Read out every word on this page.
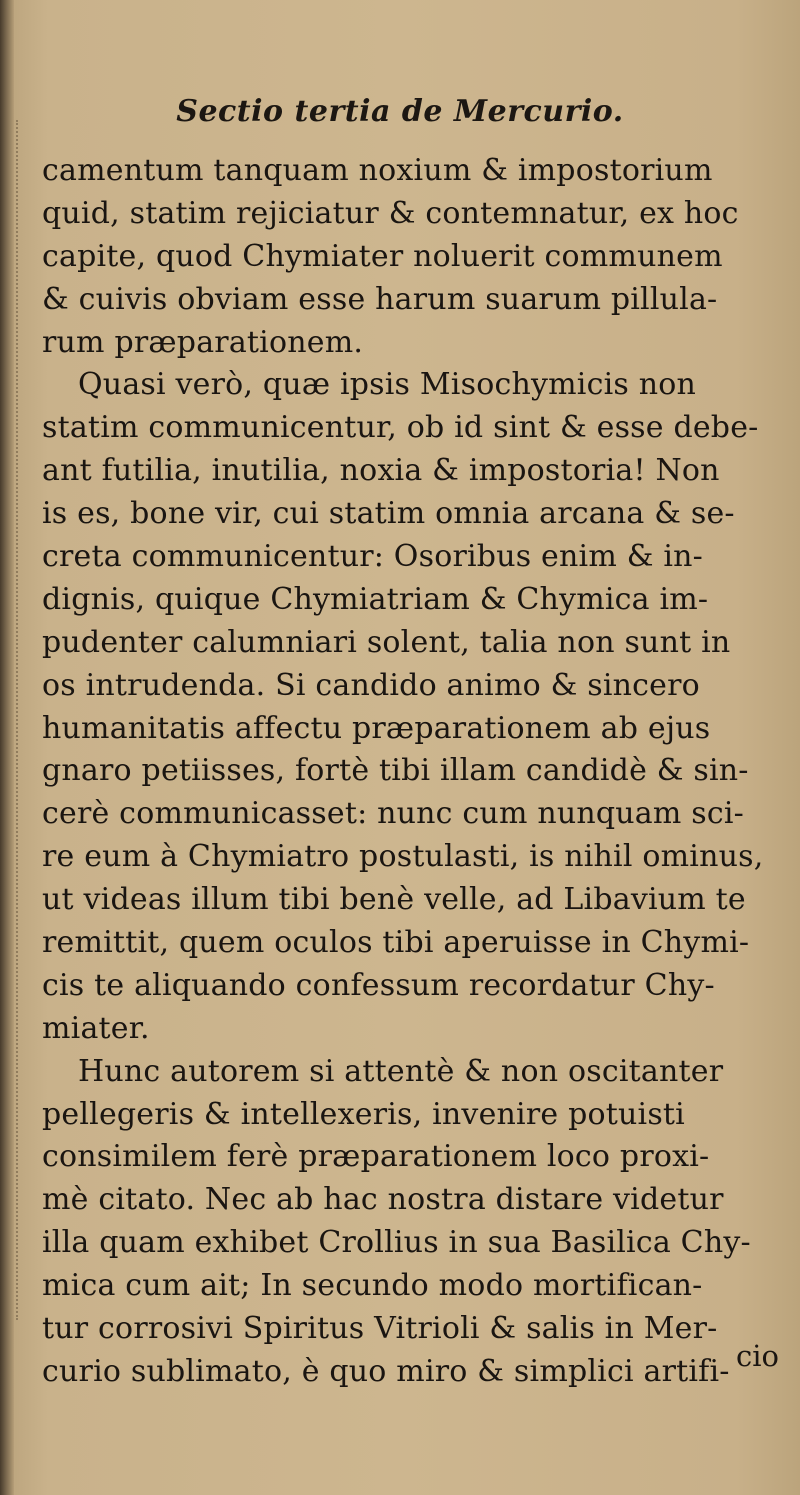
Sectio tertia de Mercurio.
camentum tanquam noxium & impostorium
quid, statim rejiciatur & contemnatur, ex hoc
capite, quod Chymiater noluerit communem
& cuivis obviam esse harum suarum pillula-
rum præparationem.
Quasi verò, quæ ipsis Misochymicis non
statim communicentur, ob id sint & esse debe-
ant futilia, inutilia, noxia & impostoria! Non
is es, bone vir, cui statim omnia arcana & se-
creta communicentur: Osoribus enim & in-
dignis, quique Chymiatriam & Chymica im-
pudenter calumniari solent, talia non sunt in
os intrudenda. Si candido animo & sincero
humanitatis affectu præparationem ab ejus
gnaro petiisses, fortè tibi illam candidè & sin-
cerè communicasset: nunc cum nunquam sci-
re eum à Chymiatro postulasti, is nihil ominus,
ut videas illum tibi benè velle, ad Libavium te
remittit, quem oculos tibi aperuisse in Chymi-
cis te aliquando confessum recordatur Chy-
miater.
Hunc autorem si attentè & non oscitanter
pellegeris & intellexeris, invenire potuisti
consimilem ferè præparationem loco proxi-
mè citato. Nec ab hac nostra distare videtur
illa quam exhibet Crollius in sua Basilica Chy-
mica cum ait; In secundo modo mortifican-
tur corrosivi Spiritus Vitrioli & salis in Mer-
curio sublimato, è quo miro & simplici artifi- cio
